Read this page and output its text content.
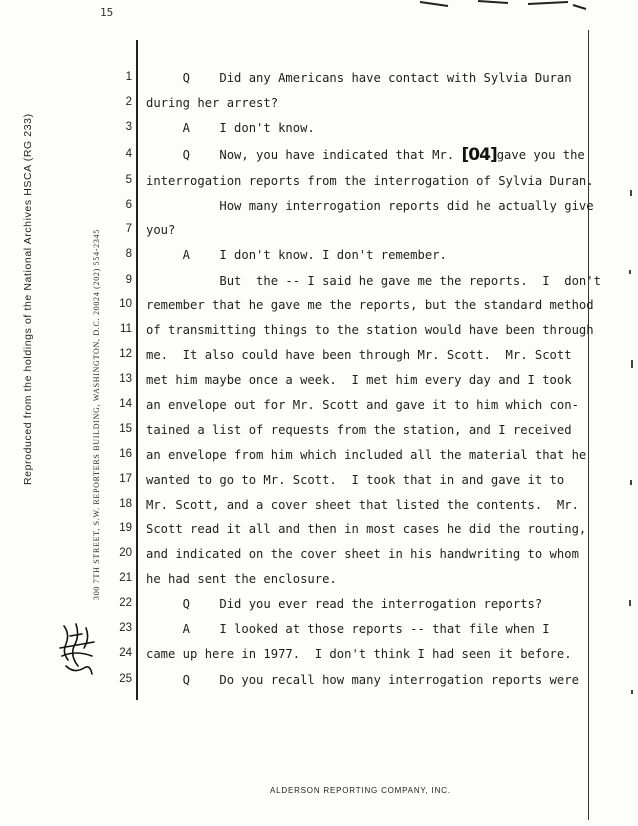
15
Reproduced from the holdings of the National Archives HSCA (RG 233)	300 7TH STREET, S.W. REPORTERS BUILDING, WASHINGTON, D.C. 20024 (202) 554-2345
1
2
3
4
5
6
7
8
9
10
11
12
13
14
15
16
17
18
19
20
21
22
23
24
25
Q    Did any Americans have contact with Sylvia Duran
during her arrest?
A    I don't know.
Q    Now, you have indicated that Mr. [04]gave you the
interrogation reports from the interrogation of Sylvia Duran.
How many interrogation reports did he actually give
you?
A    I don't know. I don't remember.
But  the -- I said he gave me the reports.  I  don't
remember that he gave me the reports, but the standard method
of transmitting things to the station would have been through
me.  It also could have been through Mr. Scott.  Mr. Scott
met him maybe once a week.  I met him every day and I took
an envelope out for Mr. Scott and gave it to him which con-
tained a list of requests from the station, and I received
an envelope from him which included all the material that he
wanted to go to Mr. Scott.  I took that in and gave it to
Mr. Scott, and a cover sheet that listed the contents.  Mr.
Scott read it all and then in most cases he did the routing,
and indicated on the cover sheet in his handwriting to whom
he had sent the enclosure.
Q    Did you ever read the interrogation reports?
A    I looked at those reports -- that file when I
came up here in 1977.  I don't think I had seen it before.
Q    Do you recall how many interrogation reports were
ALDERSON REPORTING COMPANY, INC.
